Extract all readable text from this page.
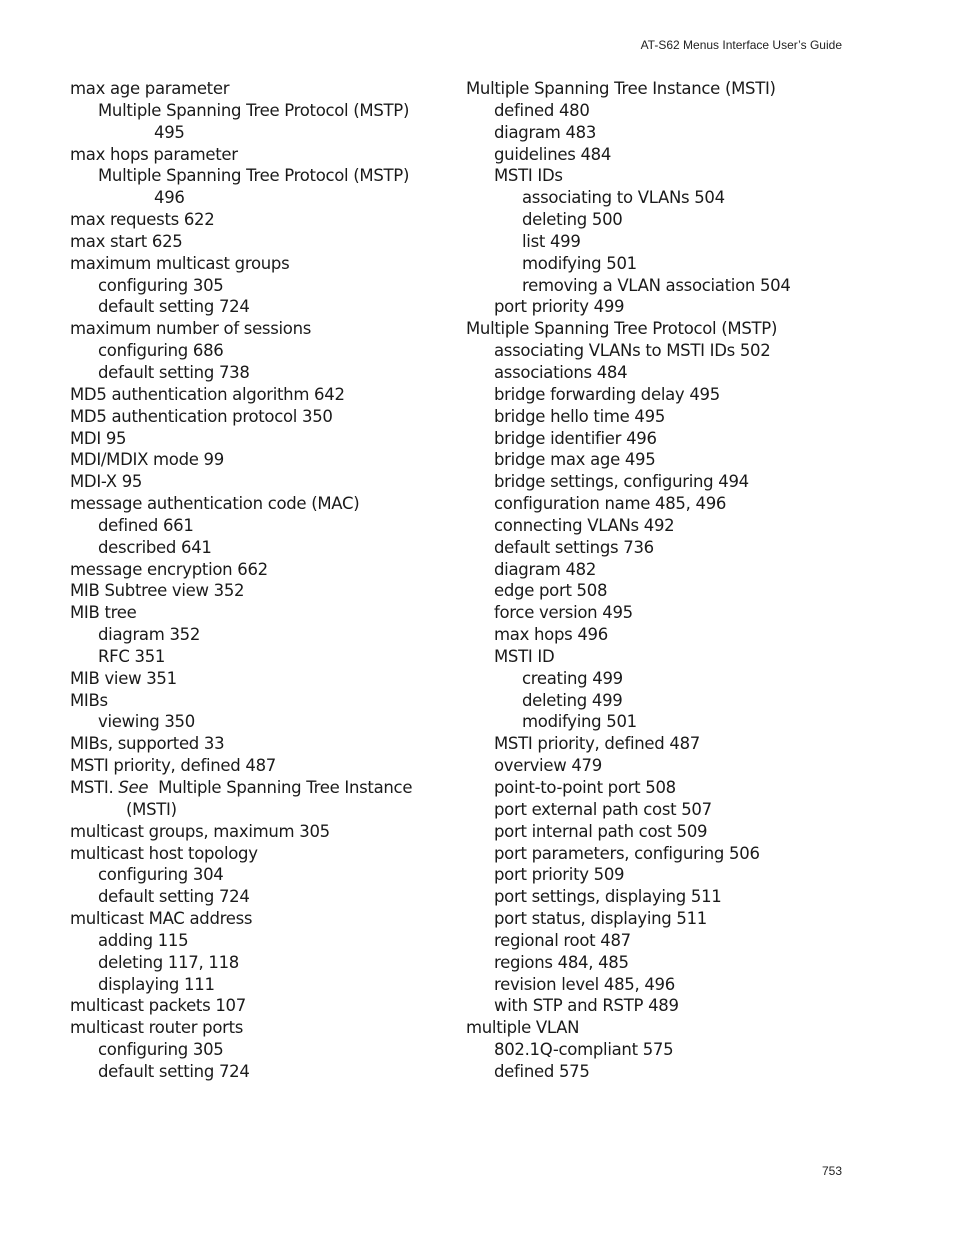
AT-S62 Menus Interface User’s Guide
max age parameter
Multiple Spanning Tree Protocol (MSTP)
495
max hops parameter
Multiple Spanning Tree Protocol (MSTP)
496
max requests 622
max start 625
maximum multicast groups
configuring 305
default setting 724
maximum number of sessions
configuring 686
default setting 738
MD5 authentication algorithm 642
MD5 authentication protocol 350
MDI 95
MDI/MDIX mode 99
MDI-X 95
message authentication code (MAC)
defined 661
described 641
message encryption 662
MIB Subtree view 352
MIB tree
diagram 352
RFC 351
MIB view 351
MIBs
viewing 350
MIBs, supported 33
MSTI priority, defined 487
MSTI. See Multiple Spanning Tree Instance
(MSTI)
multicast groups, maximum 305
multicast host topology
configuring 304
default setting 724
multicast MAC address
adding 115
deleting 117, 118
displaying 111
multicast packets 107
multicast router ports
configuring 305
default setting 724
Multiple Spanning Tree Instance (MSTI)
defined 480
diagram 483
guidelines 484
MSTI IDs
associating to VLANs 504
deleting 500
list 499
modifying 501
removing a VLAN association 504
port priority 499
Multiple Spanning Tree Protocol (MSTP)
associating VLANs to MSTI IDs 502
associations 484
bridge forwarding delay 495
bridge hello time 495
bridge identifier 496
bridge max age 495
bridge settings, configuring 494
configuration name 485, 496
connecting VLANs 492
default settings 736
diagram 482
edge port 508
force version 495
max hops 496
MSTI ID
creating 499
deleting 499
modifying 501
MSTI priority, defined 487
overview 479
point-to-point port 508
port external path cost 507
port internal path cost 509
port parameters, configuring 506
port priority 509
port settings, displaying 511
port status, displaying 511
regional root 487
regions 484, 485
revision level 485, 496
with STP and RSTP 489
multiple VLAN
802.1Q-compliant 575
defined 575
753
